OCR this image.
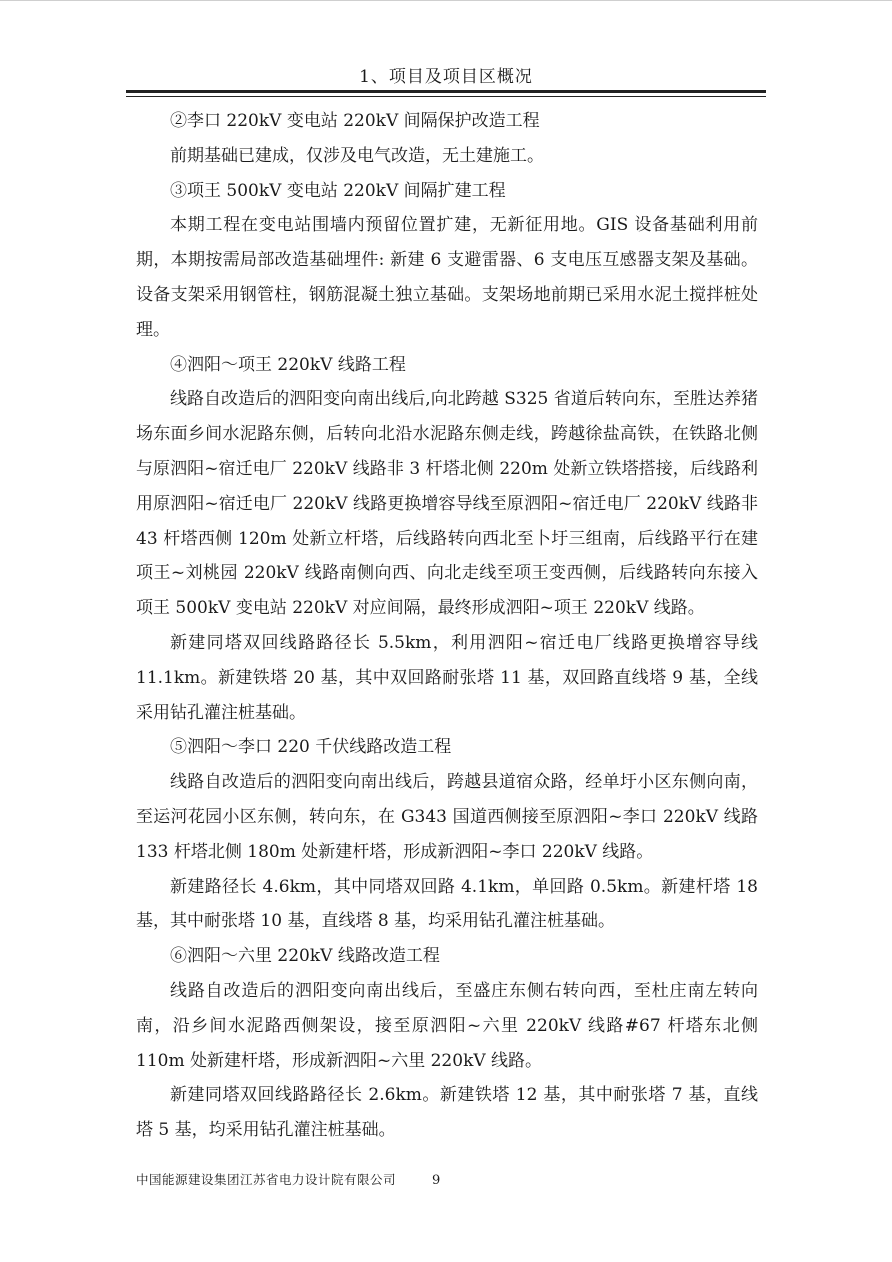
1、项目及项目区概况

②李口 220kV 变电站 220kV 间隔保护改造工程

前期基础已建成，仅涉及电气改造，无土建施工。

③项王 500kV 变电站 220kV 间隔扩建工程

本期工程在变电站围墙内预留位置扩建，无新征用地。GIS 设备基础利用前期，本期按需局部改造基础埋件: 新建 6 支避雷器、6 支电压互感器支架及基础。设备支架采用钢管柱，钢筋混凝土独立基础。支架场地前期已采用水泥土搅拌桩处理。

④泗阳～项王 220kV 线路工程

线路自改造后的泗阳变向南出线后,向北跨越 S325 省道后转向东，至胜达养猪场东面乡间水泥路东侧，后转向北沿水泥路东侧走线，跨越徐盐高铁，在铁路北侧与原泗阳~宿迁电厂 220kV 线路非 3 杆塔北侧 220m 处新立铁塔搭接，后线路利用原泗阳~宿迁电厂 220kV 线路更换增容导线至原泗阳~宿迁电厂 220kV 线路非 43 杆塔西侧 120m 处新立杆塔，后线路转向西北至卜圩三组南，后线路平行在建项王~刘桃园 220kV 线路南侧向西、向北走线至项王变西侧，后线路转向东接入项王 500kV 变电站 220kV 对应间隔，最终形成泗阳~项王 220kV 线路。

新建同塔双回线路路径长 5.5km，利用泗阳~宿迁电厂线路更换增容导线 11.1km。新建铁塔 20 基，其中双回路耐张塔 11 基，双回路直线塔 9 基，全线采用钻孔灌注桩基础。

⑤泗阳～李口 220 千伏线路改造工程

线路自改造后的泗阳变向南出线后，跨越县道宿众路，经单圩小区东侧向南，至运河花园小区东侧，转向东，在 G343 国道西侧接至原泗阳~李口 220kV 线路 133 杆塔北侧 180m 处新建杆塔，形成新泗阳~李口 220kV 线路。

新建路径长 4.6km，其中同塔双回路 4.1km，单回路 0.5km。新建杆塔 18 基，其中耐张塔 10 基，直线塔 8 基，均采用钻孔灌注桩基础。

⑥泗阳～六里 220kV 线路改造工程

线路自改造后的泗阳变向南出线后，至盛庄东侧右转向西，至杜庄南左转向南，沿乡间水泥路西侧架设，接至原泗阳~六里 220kV 线路#67 杆塔东北侧 110m 处新建杆塔，形成新泗阳~六里 220kV 线路。

新建同塔双回线路路径长 2.6km。新建铁塔 12 基，其中耐张塔 7 基，直线塔 5 基，均采用钻孔灌注桩基础。

中国能源建设集团江苏省电力设计院有限公司	9
